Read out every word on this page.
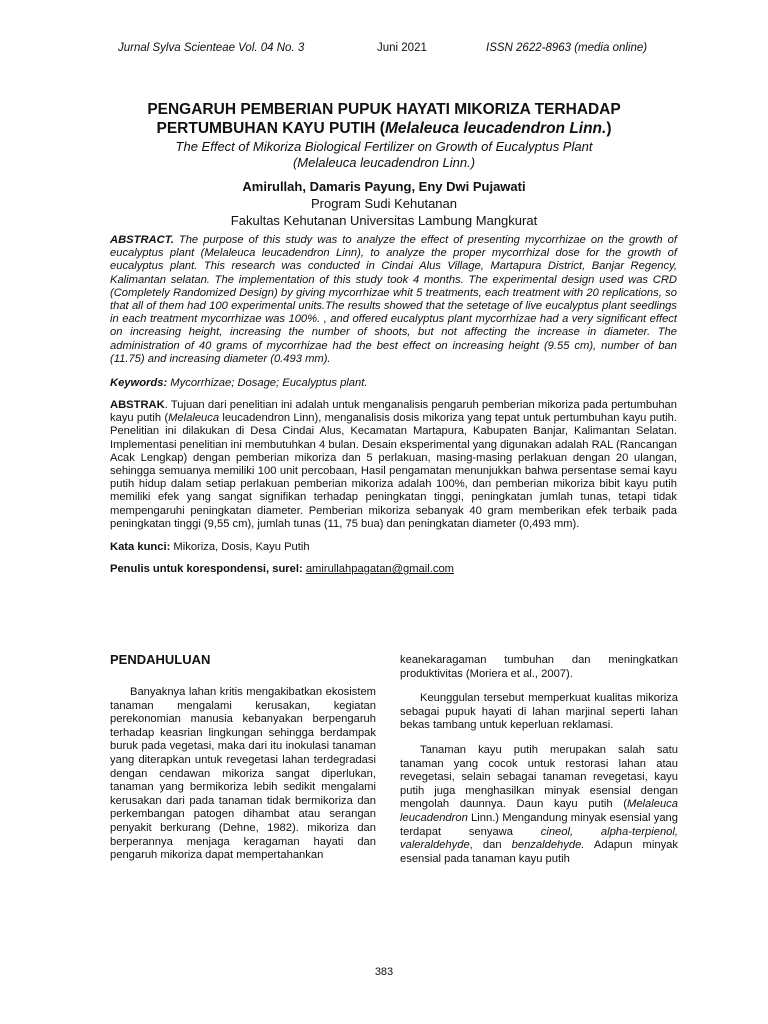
Jurnal Sylva Scienteae Vol. 04 No. 3	Juni 2021	ISSN 2622-8963 (media online)
PENGARUH PEMBERIAN PUPUK HAYATI MIKORIZA TERHADAP
PERTUMBUHAN KAYU PUTIH (Melaleuca leucadendron Linn.)
The Effect of Mikoriza Biological Fertilizer on Growth of Eucalyptus Plant
(Melaleuca leucadendron Linn.)
Amirullah, Damaris Payung, Eny Dwi Pujawati
Program Sudi Kehutanan
Fakultas Kehutanan Universitas Lambung Mangkurat

ABSTRACT. The purpose of this study was to analyze the effect of presenting mycorrhizae on the growth of eucalyptus plant (Melaleuca leucadendron Linn), to analyze the proper mycorrhizal dose for the growth of eucalyptus plant. This research was conducted in Cindai Alus Village, Martapura District, Banjar Regency, Kalimantan selatan. The implementation of this study took 4 months. The experimental design used was CRD (Completely Randomized Design) by giving mycorrhizae whit 5 treatments, each treatment with 20 replications, so that all of them had 100 experimental units.The results showed that the setetage of live eucalyptus plant seedlings in each treatment mycorrhizae was 100%. , and offered eucalyptus plant mycorrhizae had a very significant effect on increasing height, increasing the number of shoots, but not affecting the increase in diameter. The administration of 40 grams of mycorrhizae had the best effect on increasing height (9.55 cm), number of ban (11.75) and increasing diameter (0.493 mm).

Keywords: Mycorrhizae; Dosage; Eucalyptus plant.

ABSTRAK. Tujuan dari penelitian ini adalah untuk menganalisis pengaruh pemberian mikoriza pada pertumbuhan kayu putih (Melaleuca leucadendron Linn), menganalisis dosis mikoriza yang tepat untuk pertumbuhan kayu putih. Penelitian ini dilakukan di Desa Cindai Alus, Kecamatan Martapura, Kabupaten Banjar, Kalimantan Selatan. Implementasi penelitian ini membutuhkan 4 bulan. Desain eksperimental yang digunakan adalah RAL (Rancangan Acak Lengkap) dengan pemberian mikoriza dan 5 perlakuan, masing-masing perlakuan dengan 20 ulangan, sehingga semuanya memiliki 100 unit percobaan, Hasil pengamatan menunjukkan bahwa persentase semai kayu putih hidup dalam setiap perlakuan pemberian mikoriza adalah 100%, dan pemberian mikoriza bibit kayu putih memiliki efek yang sangat signifikan terhadap peningkatan tinggi, peningkatan jumlah tunas, tetapi tidak mempengaruhi peningkatan diameter. Pemberian mikoriza sebanyak 40 gram memberikan efek terbaik pada peningkatan tinggi (9,55 cm), jumlah tunas (11, 75 bua) dan peningkatan diameter (0,493 mm).

Kata kunci: Mikoriza, Dosis, Kayu Putih

Penulis untuk korespondensi, surel: amirullahpagatan@gmail.com

PENDAHULUAN

Banyaknya lahan kritis mengakibatkan ekosistem tanaman mengalami kerusakan, kegiatan perekonomian manusia kebanyakan berpengaruh terhadap keasrian lingkungan sehingga berdampak buruk pada vegetasi, maka dari itu inokulasi tanaman yang diterapkan untuk revegetasi lahan terdegradasi dengan cendawan mikoriza sangat diperlukan, tanaman yang bermikoriza lebih sedikit mengalami kerusakan dari pada tanaman tidak bermikoriza dan perkembangan patogen dihambat atau serangan penyakit berkurang (Dehne, 1982). mikoriza dan berperannya menjaga keragaman hayati dan pengaruh mikoriza dapat mempertahankan

keanekaragaman tumbuhan dan meningkatkan produktivitas (Moriera et al., 2007).

Keunggulan tersebut memperkuat kualitas mikoriza sebagai pupuk hayati di lahan marjinal seperti lahan bekas tambang untuk keperluan reklamasi.

Tanaman kayu putih merupakan salah satu tanaman yang cocok untuk restorasi lahan atau revegetasi, selain sebagai tanaman revegetasi, kayu putih juga menghasilkan minyak esensial dengan mengolah daunnya. Daun kayu putih (Melaleuca leucadendron Linn.) Mengandung minyak esensial yang terdapat senyawa cineol, alpha-terpienol, valeraldehyde, dan benzaldehyde. Adapun minyak esensial pada tanaman kayu putih

383
